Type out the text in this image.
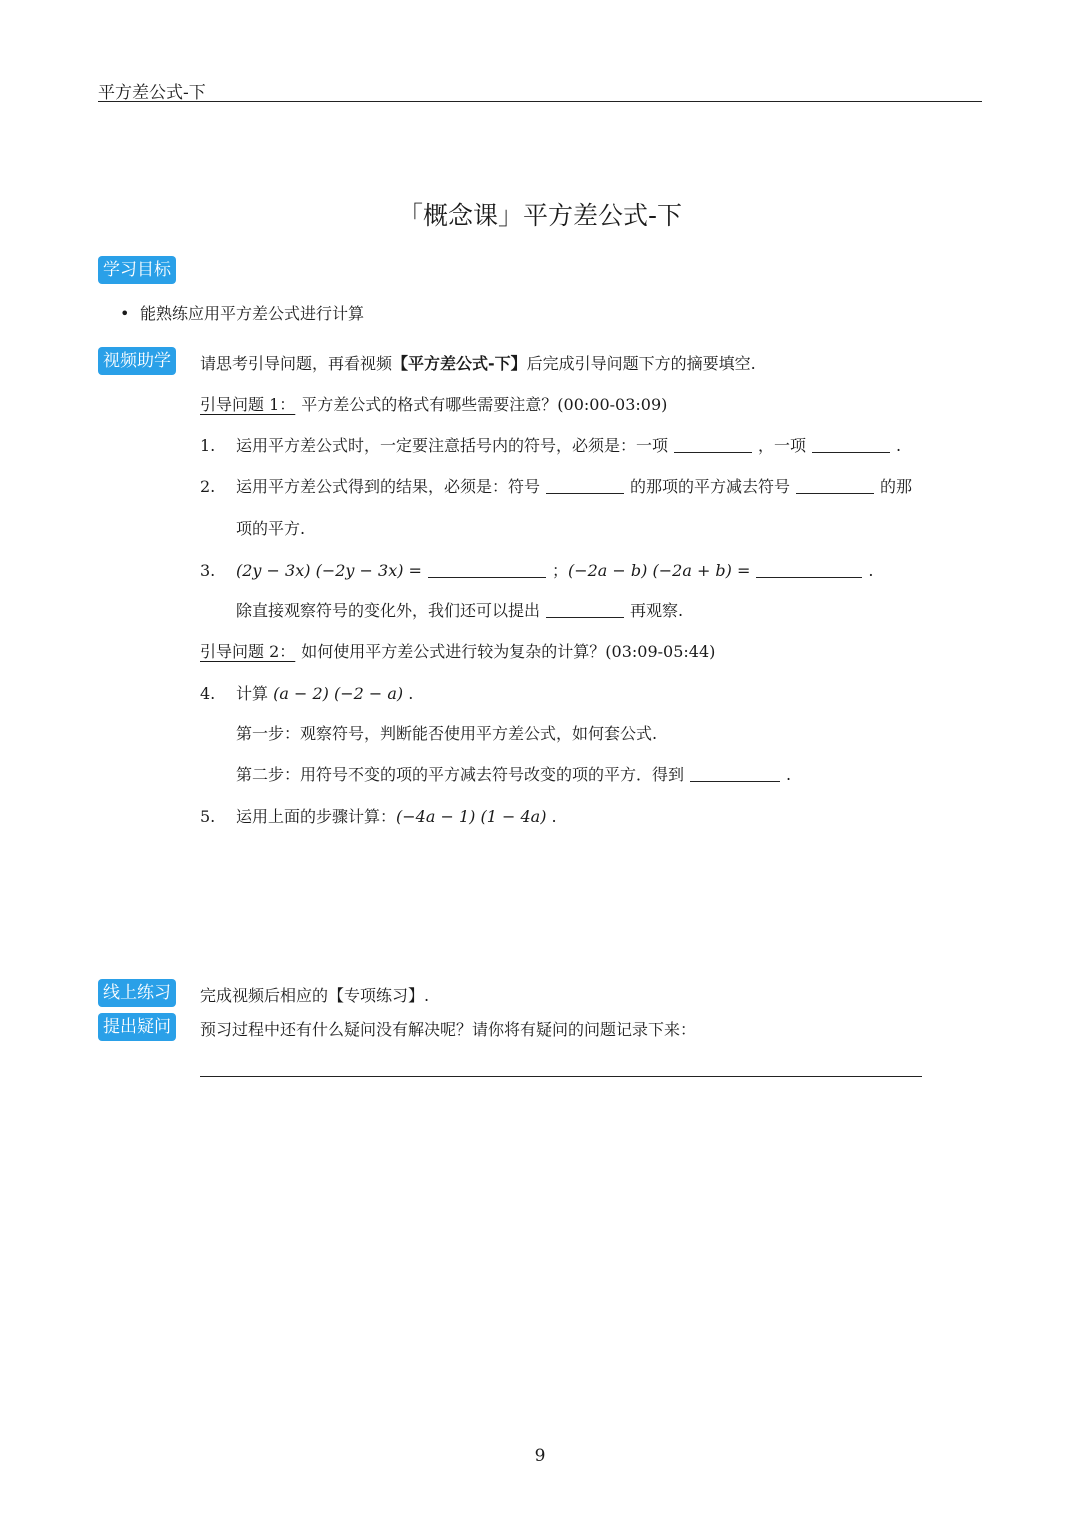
平方差公式-下
「概念课」平方差公式-下
学习目标
• 能熟练应用平方差公式进行计算
视频助学	请思考引导问题，再看视频【平方差公式-下】后完成引导问题下方的摘要填空.
引导问题 1： 平方差公式的格式有哪些需要注意？(00:00-03:09)
1. 运用平方差公式时，一定要注意括号内的符号，必须是：一项	，一项	.
2. 运用平方差公式得到的结果，必须是：符号	的那项的平方减去符号	的那
项的平方.
3. (2y − 3x) (−2y − 3x) =	；(−2a − b) (−2a + b) =	.
除直接观察符号的变化外，我们还可以提出	再观察.
引导问题 2： 如何使用平方差公式进行较为复杂的计算？(03:09-05:44)
4. 计算 (a − 2) (−2 − a) .
第一步：观察符号，判断能否使用平方差公式，如何套公式.
第二步：用符号不变的项的平方减去符号改变的项的平方．得到	.
5. 运用上面的步骤计算：(−4a − 1) (1 − 4a) .
线上练习	完成视频后相应的【专项练习】.
提出疑问	预习过程中还有什么疑问没有解决呢？请你将有疑问的问题记录下来：
9
